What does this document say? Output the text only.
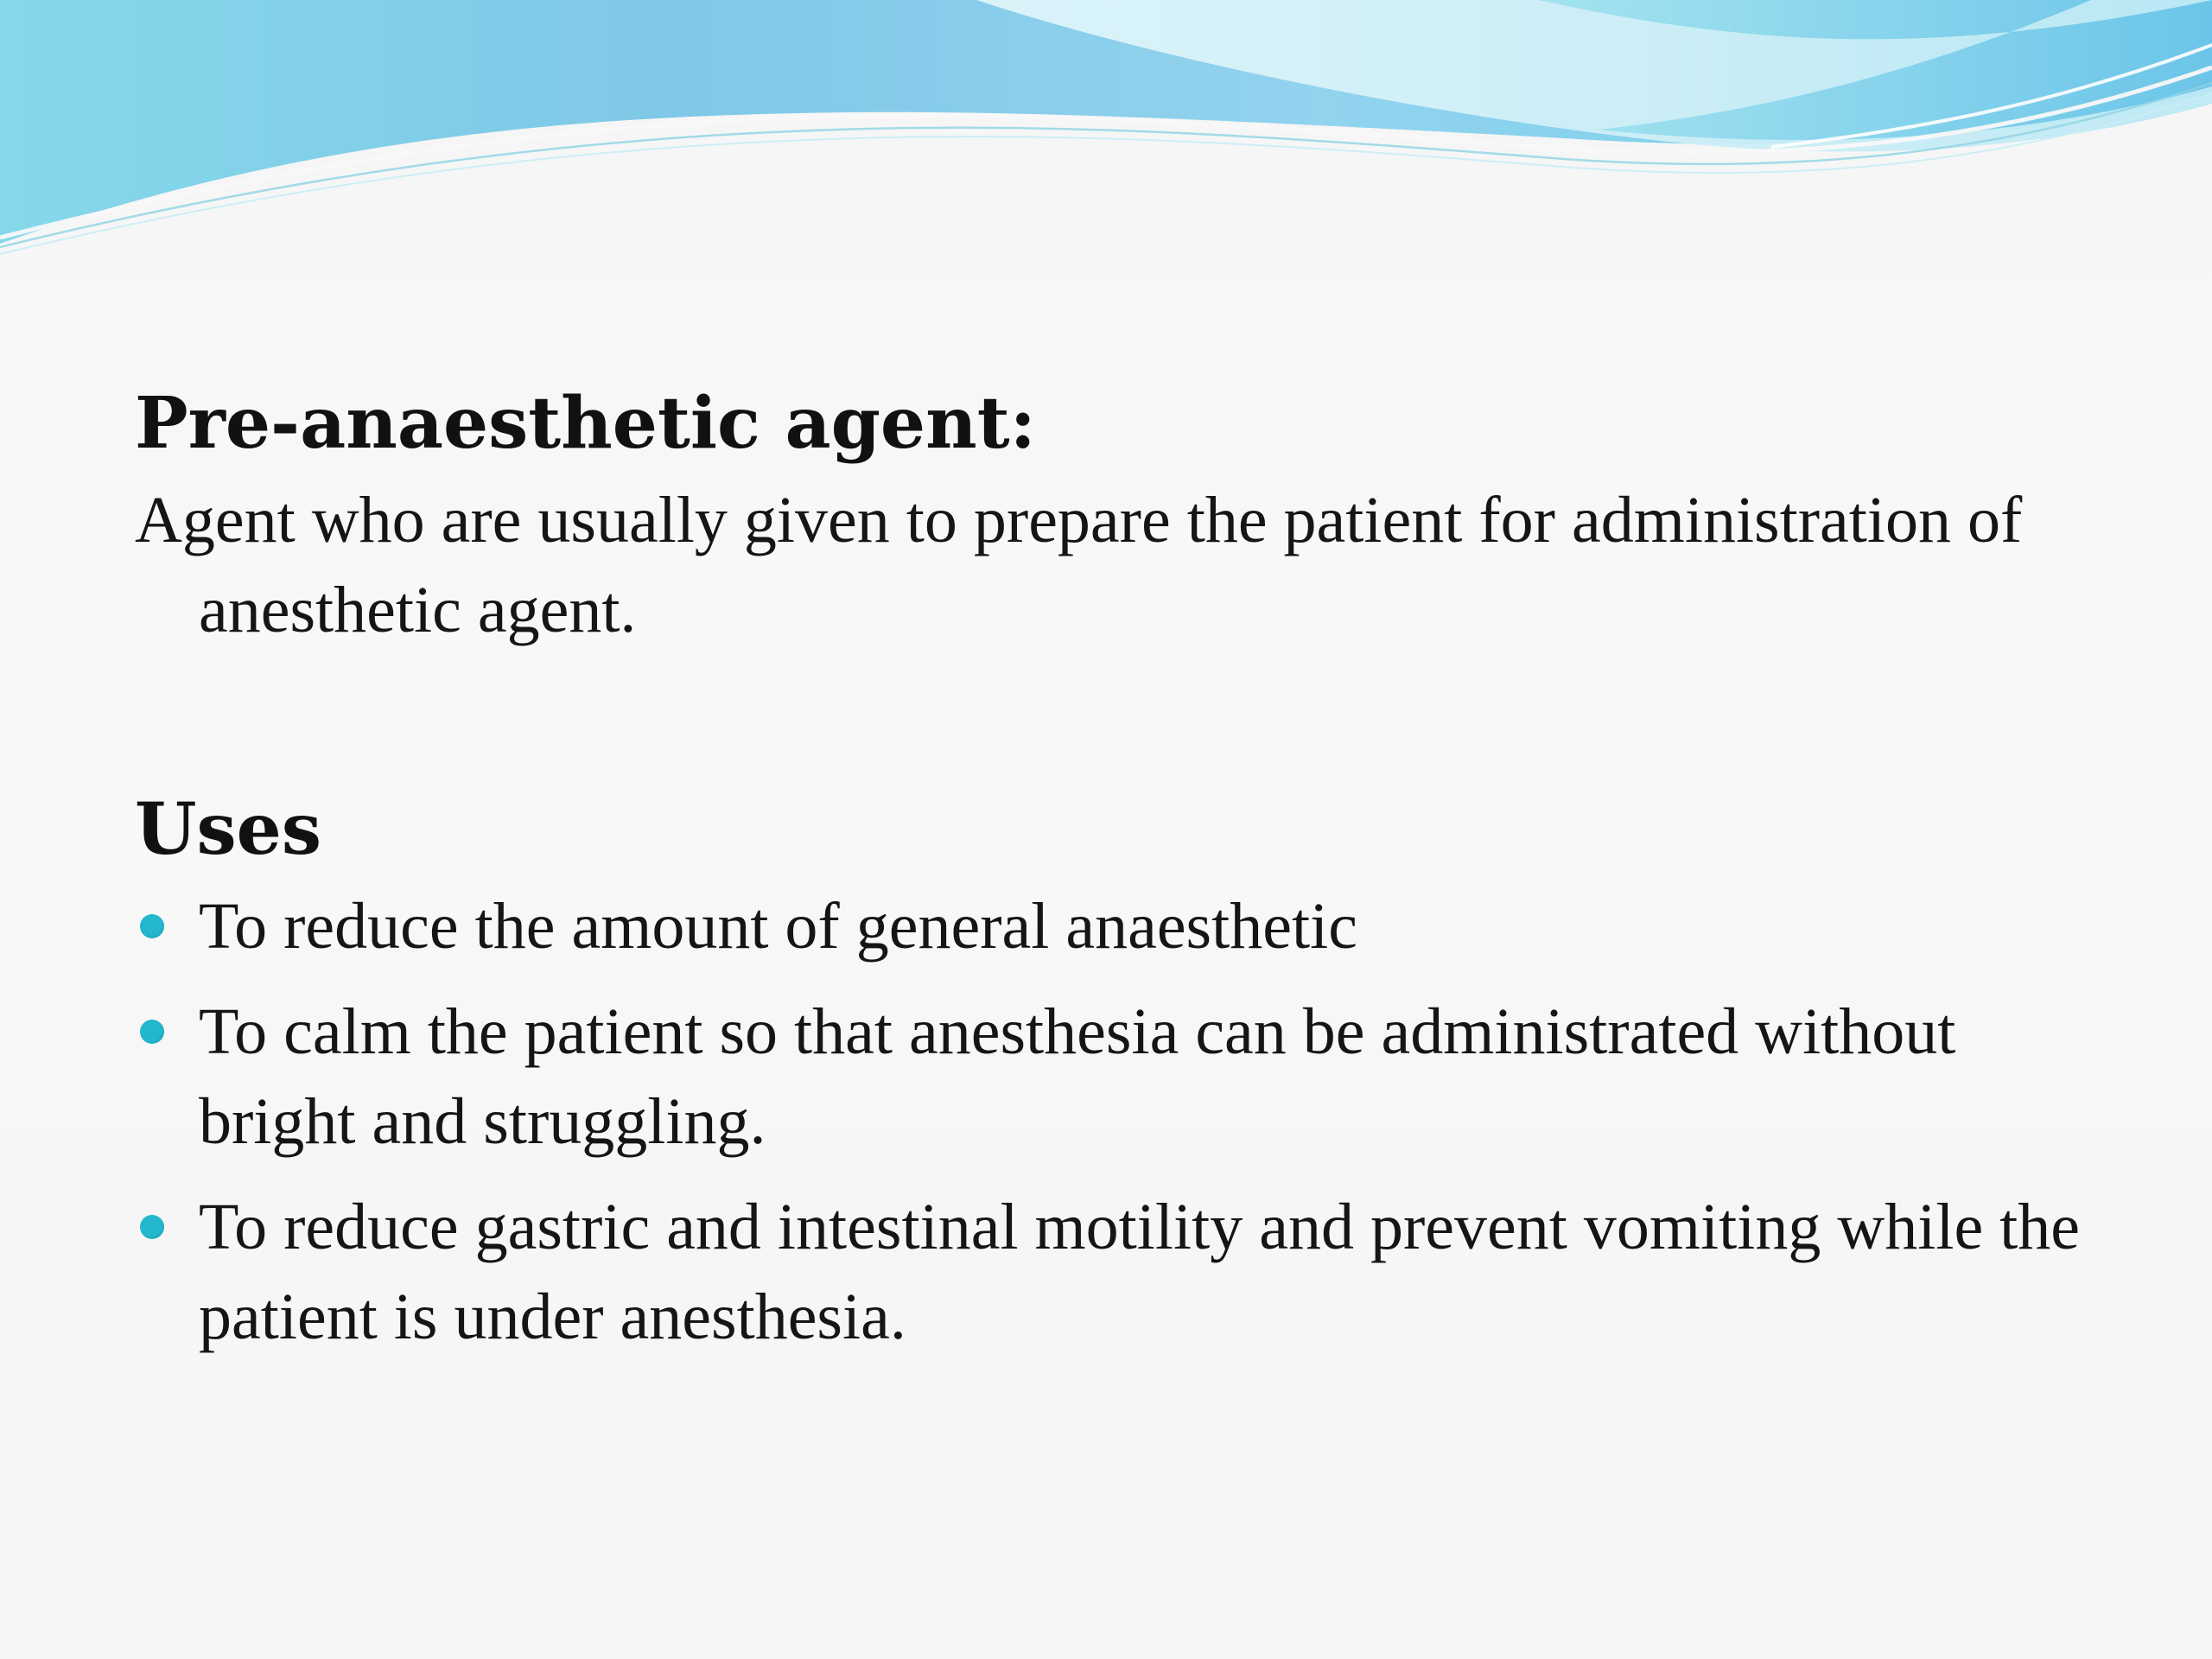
Pre-anaesthetic agent:

Agent who are usually given to prepare the patient for administration of anesthetic agent.

Uses
To reduce the amount of general anaesthetic
To calm the patient so that anesthesia can be administrated without bright and struggling.
To reduce gastric and intestinal motility and prevent vomiting while the patient is under anesthesia.
